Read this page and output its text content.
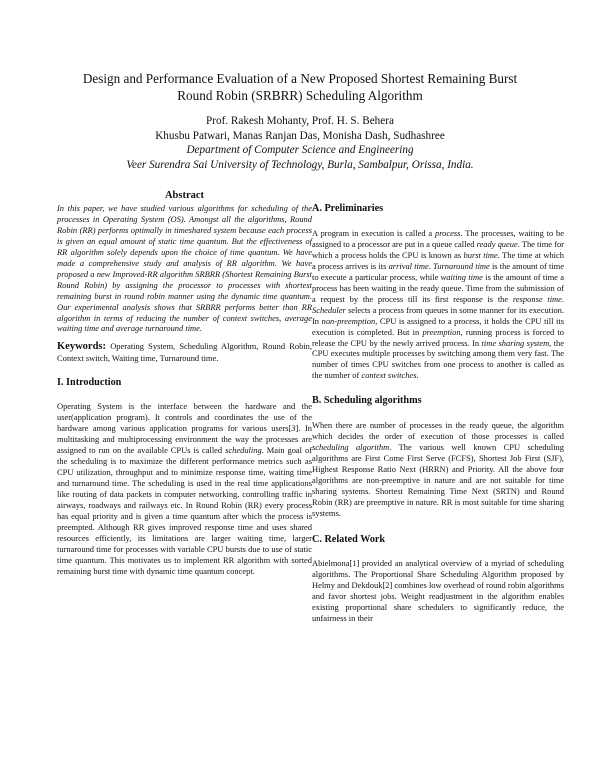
Design and Performance Evaluation of a New Proposed Shortest Remaining Burst
Round Robin (SRBRR) Scheduling Algorithm
Prof. Rakesh Mohanty, Prof. H. S. Behera
Khusbu Patwari, Manas Ranjan Das, Monisha Dash, Sudhashree
Department of Computer Science and Engineering
Veer Surendra Sai University of Technology, Burla, Sambalpur, Orissa, India.
Abstract

In this paper, we have studied various algorithms for scheduling of the processes in Operating System (OS). Amongst all the algorithms, Round Robin (RR) performs optimally in timeshared system because each process is given an equal amount of static time quantum. But the effectiveness of RR algorithm solely depends upon the choice of time quantum. We have made a comprehensive study and analysis of RR algorithm. We have proposed a new Improved-RR algorithm SRBRR (Shortest Remaining Burst Round Robin) by assigning the processor to processes with shortest remaining burst in round robin manner using the dynamic time quantum. Our experimental analysis shows that SRBRR performs better than RR algorithm in terms of reducing the number of context switches, average waiting time and average turnaround time.

Keywords: Operating System, Scheduling Algorithm, Round Robin, Context switch, Waiting time, Turnaround time.

I. Introduction

Operating System is the interface between the hardware and the user(application program). It controls and coordinates the use of the hardware among various application programs for various users[3]. In multitasking and multiprocessing environment the way the processes are assigned to run on the available CPUs is called scheduling. Main goal of the scheduling is to maximize the different performance metrics such as CPU utilization, throughput and to minimize response time, waiting time and turnaround time. The scheduling is used in the real time applications like routing of data packets in computer networking, controlling traffic in airways, roadways and railways etc. In Round Robin (RR) every process has equal priority and is given a time quantum after which the process is preempted. Although RR gives improved response time and uses shared resources efficiently, its limitations are larger waiting time, larger turnaround time for processes with variable CPU bursts due to use of static time quantum. This motivates us to implement RR algorithm with sorted remaining burst time with dynamic time quantum concept.

A. Preliminaries

A program in execution is called a process. The processes, waiting to be assigned to a processor are put in a queue called ready queue. The time for which a process holds the CPU is known as burst time. The time at which a process arrives is its arrival time. Turnaround time is the amount of time to execute a particular process, while waiting time is the amount of time a process has been waiting in the ready queue. Time from the submission of a request by the process till its first response is the response time. Scheduler selects a process from queues in some manner for its execution. In non-preemption, CPU is assigned to a process, it holds the CPU till its execution is completed. But in preemption, running process is forced to release the CPU by the newly arrived process. In time sharing system, the CPU executes multiple processes by switching among them very fast. The number of times CPU switches from one process to another is called as the number of context switches.

B. Scheduling algorithms

When there are number of processes in the ready queue, the algorithm which decides the order of execution of those processes is called scheduling algorithm. The various well known CPU scheduling algorithms are First Come First Serve (FCFS), Shortest Job First (SJF), Highest Response Ratio Next (HRRN) and Priority. All the above four algorithms are non-preemptive in nature and are not suitable for time sharing systems. Shortest Remaining Time Next (SRTN) and Round Robin (RR) are preemptive in nature. RR is most suitable for time sharing systems.

C. Related Work

Abielmona[1] provided an analytical overview of a myriad of scheduling algorithms. The Proportional Share Scheduling Algorithm proposed by Helmy and Dekdouk[2] combines low overhead of round robin algorithms and favor shortest jobs. Weight readjustment in the algorithm enables existing proportional share schedulers to significantly reduce, the unfairness in their
